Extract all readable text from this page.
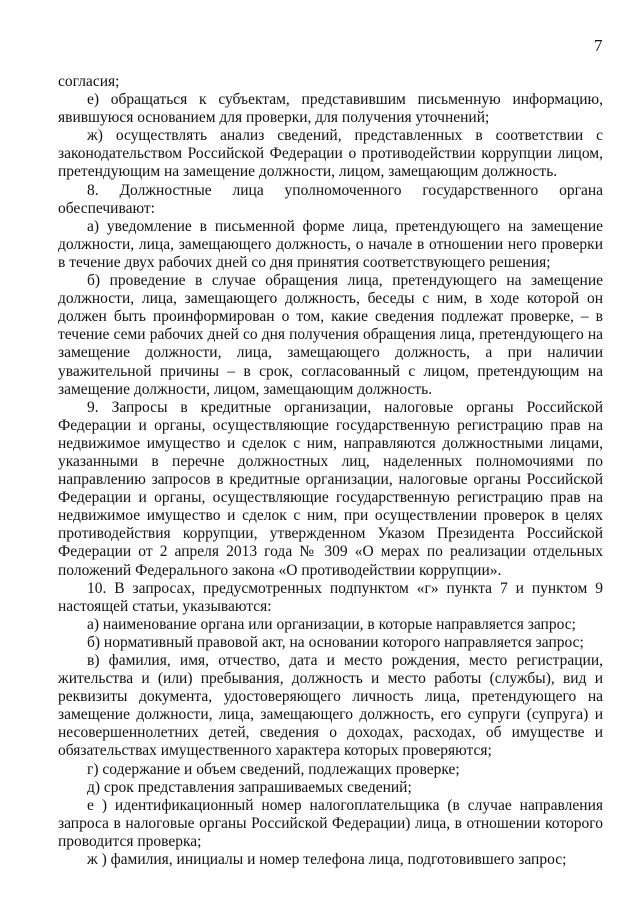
7

согласия;

е) обращаться к субъектам, представившим письменную информацию, явившуюся основанием для проверки, для получения уточнений;

ж) осуществлять анализ сведений, представленных в соответствии с законодательством Российской Федерации о противодействии коррупции лицом, претендующим на замещение должности, лицом, замещающим должность.

8. Должностные лица уполномоченного государственного органа обеспечивают:

а) уведомление в письменной форме лица, претендующего на замещение должности, лица, замещающего должность, о начале в отношении него проверки в течение двух рабочих дней со дня принятия соответствующего решения;

б) проведение в случае обращения лица, претендующего на замещение должности, лица, замещающего должность, беседы с ним, в ходе которой он должен быть проинформирован о том, какие сведения подлежат проверке, – в течение семи рабочих дней со дня получения обращения лица, претендующего на замещение должности, лица, замещающего должность, а при наличии уважительной причины – в срок, согласованный с лицом, претендующим на замещение должности, лицом, замещающим должность.

9. Запросы в кредитные организации, налоговые органы Российской Федерации и органы, осуществляющие государственную регистрацию прав на недвижимое имущество и сделок с ним, направляются должностными лицами, указанными в перечне должностных лиц, наделенных полномочиями по направлению запросов в кредитные организации, налоговые органы Российской Федерации и органы, осуществляющие государственную регистрацию прав на недвижимое имущество и сделок с ним, при осуществлении проверок в целях противодействия коррупции, утвержденном Указом Президента Российской Федерации от 2 апреля 2013 года № 309 «О мерах по реализации отдельных положений Федерального закона «О противодействии коррупции».

10. В запросах, предусмотренных подпунктом «г» пункта 7 и пунктом 9 настоящей статьи, указываются:

а) наименование органа или организации, в которые направляется запрос;

б) нормативный правовой акт, на основании которого направляется запрос;

в) фамилия, имя, отчество, дата и место рождения, место регистрации, жительства и (или) пребывания, должность и место работы (службы), вид и реквизиты документа, удостоверяющего личность лица, претендующего на замещение должности, лица, замещающего должность, его супруги (супруга) и несовершеннолетних детей, сведения о доходах, расходах, об имуществе и обязательствах имущественного характера которых проверяются;

г) содержание и объем сведений, подлежащих проверке;

д) срок представления запрашиваемых сведений;

е ) идентификационный номер налогоплательщика (в случае направления запроса в налоговые органы Российской Федерации) лица, в отношении которого проводится проверка;

ж ) фамилия, инициалы и номер телефона лица, подготовившего запрос;
